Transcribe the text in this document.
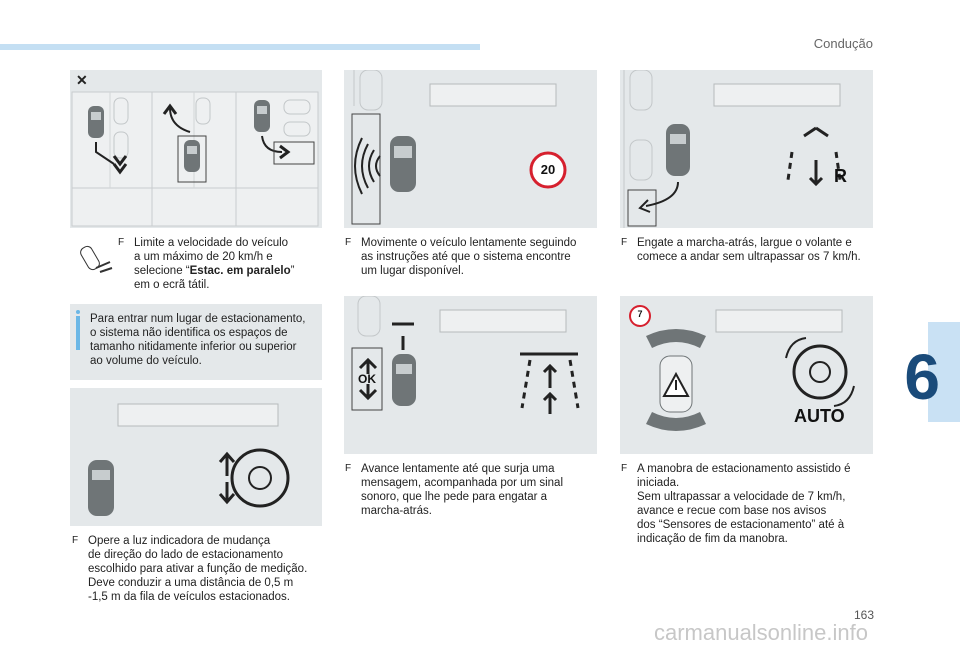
Condução
6
✕
20	R
OK
7
AUTO
F Limite a velocidade do veículo
a um máximo de 20 km/h e
selecione “Estac. em paralelo”
em o ecrã tátil.
Para entrar num lugar de estacionamento,
o sistema não identifica os espaços de
tamanho nitidamente inferior ou superior
ao volume do veículo.
F Opere a luz indicadora de mudança
de direção do lado de estacionamento
escolhido para ativar a função de medição.
Deve conduzir a uma distância de 0,5 m
-1,5 m da fila de veículos estacionados.
F Movimente o veículo lentamente seguindo
as instruções até que o sistema encontre
um lugar disponível.
F Avance lentamente até que surja uma
mensagem, acompanhada por um sinal
sonoro, que lhe pede para engatar a
marcha-atrás.
F Engate a marcha-atrás, largue o volante e
comece a andar sem ultrapassar os 7 km/h.
F A manobra de estacionamento assistido é
iniciada.
Sem ultrapassar a velocidade de 7 km/h,
avance e recue com base nos avisos
dos “Sensores de estacionamento” até à
indicação de fim da manobra.
163
carmanualsonline.info
